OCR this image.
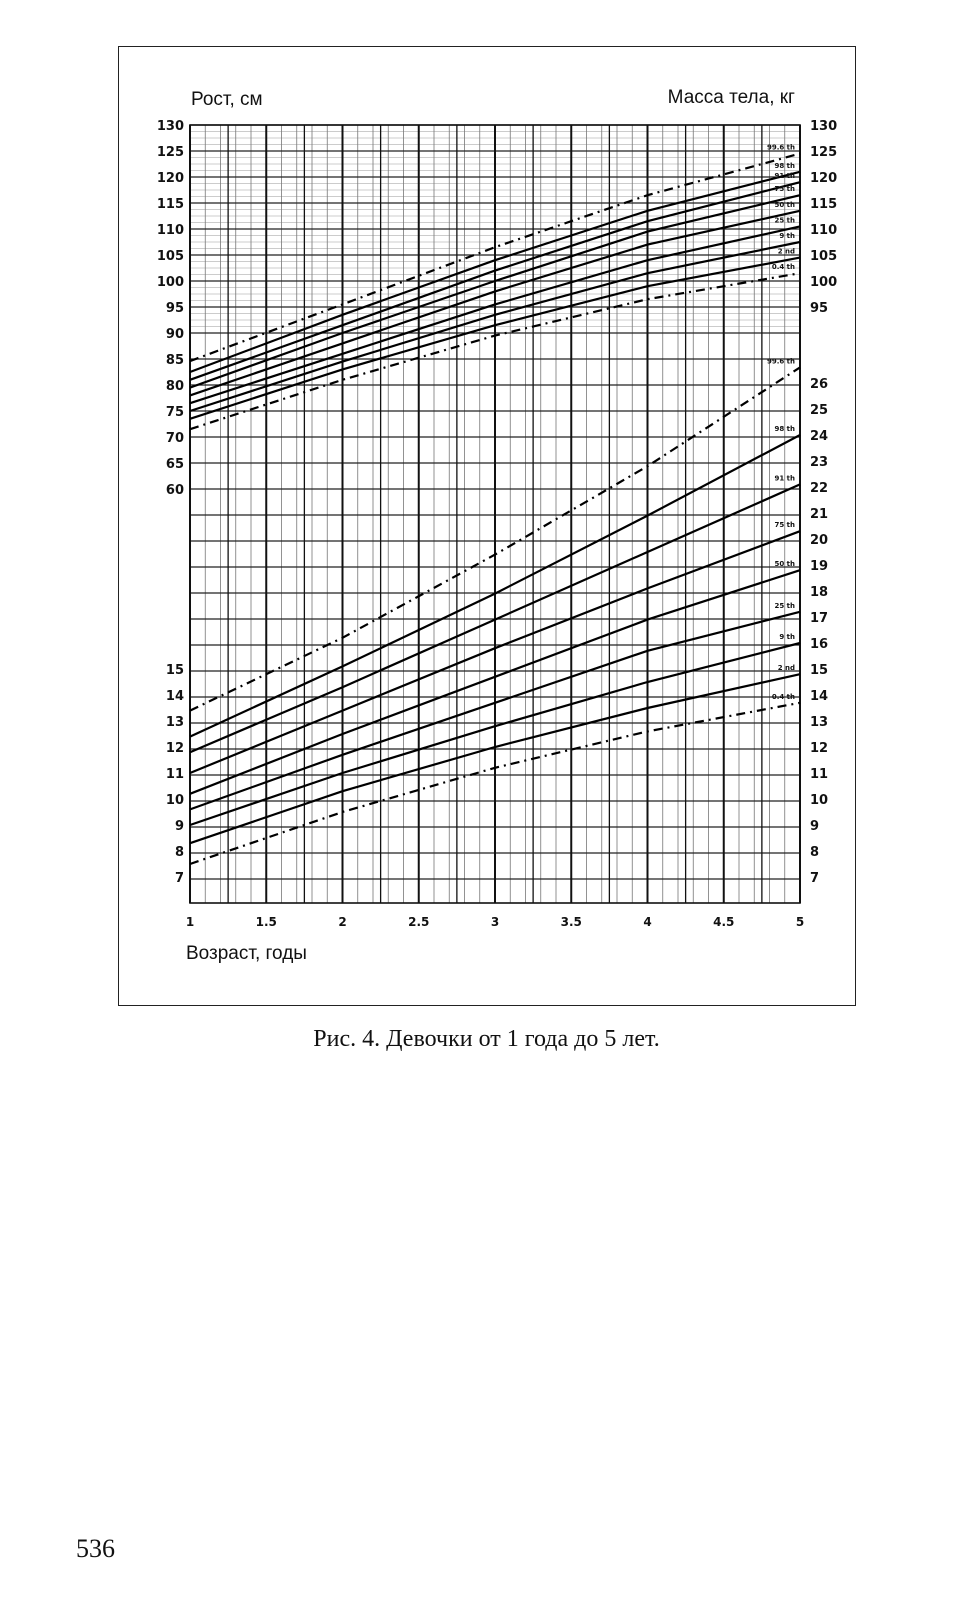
Рост, см	Масса тела, кг
Возраст, годы
99.6 th
98 th
91 th
75 th
50 th
25 th
9 th
2 nd
0.4 th
99.6 th
98 th
91 th
75 th
50 th
25 th
9 th
2 nd
0.4 th
130
125
120
115
110
105
100
95
90
85
80
75
70
65
60
130
125
120
115
110
105
100
95
15
14
13
12
11
10
9
8
7
26
25
24
23
22
21
20
19
18
17
16
15
14
13
12
11
10
9
8
7
1	1.5	2	2.5	3	3.5	4	4.5	5
Рис. 4. Девочки от 1 года до 5 лет.
536
